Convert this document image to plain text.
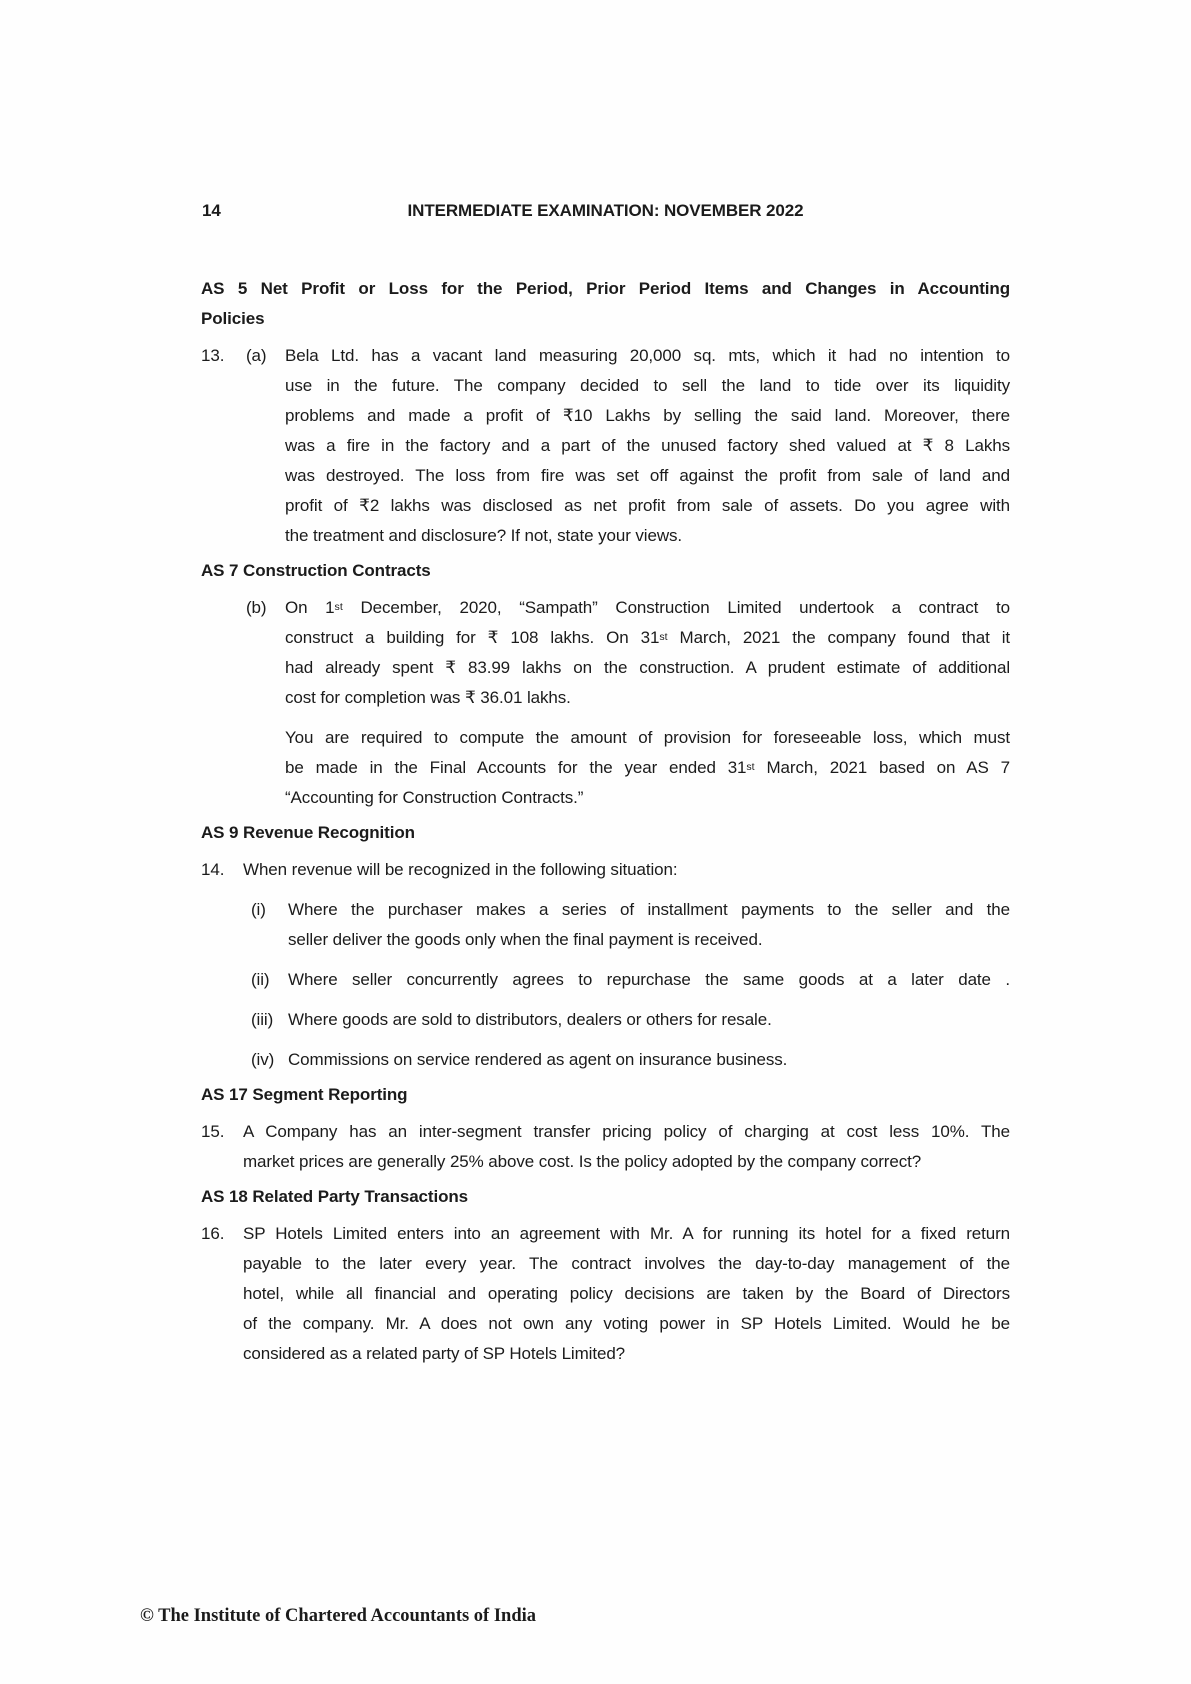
14	INTERMEDIATE EXAMINATION: NOVEMBER 2022
AS 5 Net Profit or Loss for the Period, Prior Period Items and Changes in Accounting
Policies
13.	(a)	Bela Ltd. has a vacant land measuring 20,000 sq. mts, which it had no intention to
use in the future. The company decided to sell the land to tide over its liquidity
problems and made a profit of ₹10 Lakhs by selling the said land. Moreover, there
was a fire in the factory and a part of the unused factory shed valued at ₹ 8 Lakhs
was destroyed. The loss from fire was set off against the profit from sale of land and
profit of ₹2 lakhs was disclosed as net profit from sale of assets. Do you agree with
the treatment and disclosure? If not, state your views.
AS 7 Construction Contracts
(b)	On 1st December, 2020, “Sampath” Construction Limited undertook a contract to
construct a building for ₹ 108 lakhs. On 31st March, 2021 the company found that it
had already spent ₹ 83.99 lakhs on the construction. A prudent estimate of additional
cost for completion was ₹ 36.01 lakhs.
You are required to compute the amount of provision for foreseeable loss, which must
be made in the Final Accounts for the year ended 31st March, 2021 based on AS 7
“Accounting for Construction Contracts.”
AS 9 Revenue Recognition
14.	When revenue will be recognized in the following situation:
(i)	Where the purchaser makes a series of installment payments to the seller and the
seller deliver the goods only when the final payment is received.
(ii)	Where seller concurrently agrees to repurchase the same goods at a later date .
(iii) Where goods are sold to distributors, dealers or others for resale.
(iv) Commissions on service rendered as agent on insurance business.
AS 17 Segment Reporting
15.	A Company has an inter-segment transfer pricing policy of charging at cost less 10%. The
market prices are generally 25% above cost. Is the policy adopted by the company correct?
AS 18 Related Party Transactions
16.	SP Hotels Limited enters into an agreement with Mr. A for running its hotel for a fixed return
payable to the later every year. The contract involves the day-to-day management of the
hotel, while all financial and operating policy decisions are taken by the Board of Directors
of the company. Mr. A does not own any voting power in SP Hotels Limited. Would he be
considered as a related party of SP Hotels Limited?
© The Institute of Chartered Accountants of India
